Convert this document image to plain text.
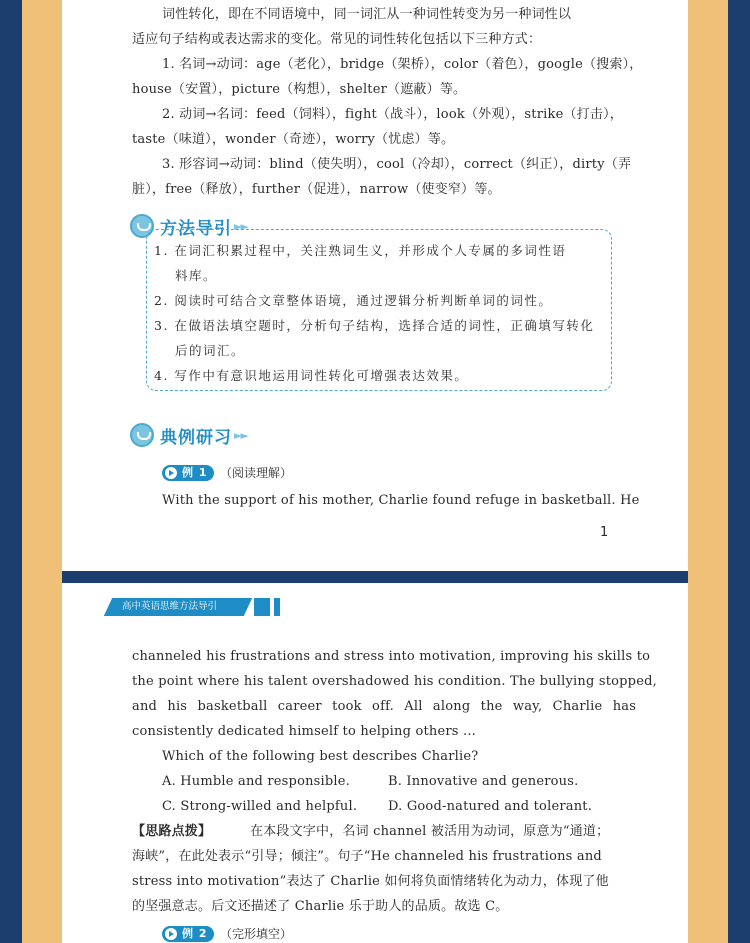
词性转化，即在不同语境中，同一词汇从一种词性转变为另一种词性以
适应句子结构或表达需求的变化。常见的词性转化包括以下三种方式：
1. 名词→动词：age（老化），bridge（架桥），color（着色），google（搜索），
house（安置），picture（构想），shelter（遮蔽）等。
2. 动词→名词：feed（饲料），fight（战斗），look（外观），strike（打击），
taste（味道），wonder（奇迹），worry（忧虑）等。
3. 形容词→动词：blind（使失明），cool（冷却），correct（纠正），dirty（弄
脏），free（释放），further（促进），narrow（使变窄）等。
方法导引 ►►
1. 在词汇积累过程中，关注熟词生义，并形成个人专属的多词性语
料库。
2. 阅读时可结合文章整体语境，通过逻辑分析判断单词的词性。
3. 在做语法填空题时，分析句子结构，选择合适的词性，正确填写转化
后的词汇。
4. 写作中有意识地运用词性转化可增强表达效果。
典例研习 ►►
例 1 （阅读理解）
With the support of his mother, Charlie found refuge in basketball. He
1
高中英语思维方法导引
channeled his frustrations and stress into motivation, improving his skills to
the point where his talent overshadowed his condition. The bullying stopped,
and his basketball career took off. All along the way, Charlie has
consistently dedicated himself to helping others ...
Which of the following best describes Charlie?
A. Humble and responsible.	B. Innovative and generous.
C. Strong-willed and helpful. D. Good-natured and tolerant.
【思路点拨】	在本段文字中，名词 channel 被活用为动词，原意为“通道；
海峡”，在此处表示“引导；倾注”。句子“He channeled his frustrations and
stress into motivation”表达了 Charlie 如何将负面情绪转化为动力，体现了他
的坚强意志。后文还描述了 Charlie 乐于助人的品质。故选 C。
例 2 （完形填空）
